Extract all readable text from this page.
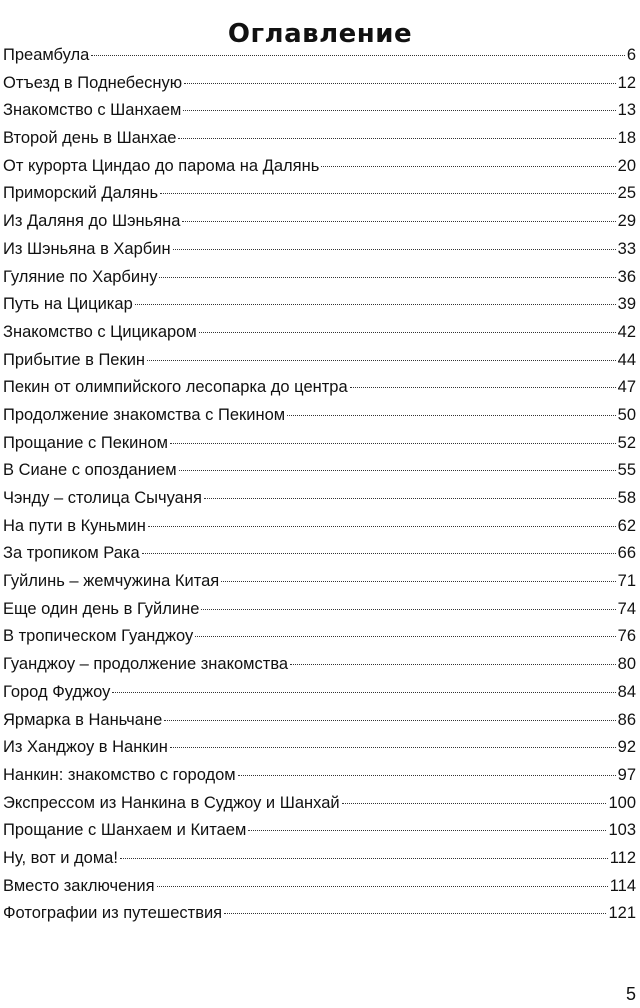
Оглавление
Преамбула	6
Отъезд в Поднебесную	12
Знакомство с Шанхаем	13
Второй день в Шанхае	18
От курорта Циндао до парома на Далянь	20
Приморский Далянь	25
Из Даляня до Шэньяна	29
Из Шэньяна в Харбин	33
Гуляние по Харбину	36
Путь на Цицикар	39
Знакомство с Цицикаром	42
Прибытие в Пекин	44
Пекин от олимпийского лесопарка до центра	47
Продолжение знакомства с Пекином	50
Прощание с Пекином	52
В Сиане с опозданием	55
Чэнду – столица Сычуаня	58
На пути в Куньмин	62
За тропиком Рака	66
Гуйлинь – жемчужина Китая	71
Еще один день в Гуйлине	74
В тропическом Гуанджоу	76
Гуанджоу – продолжение знакомства	80
Город Фуджоу	84
Ярмарка в Наньчане	86
Из Ханджоу в Нанкин	92
Нанкин: знакомство с городом	97
Экспрессом из Нанкина в Суджоу и Шанхай	100
Прощание с Шанхаем и Китаем	103
Ну, вот и дома!	112
Вместо заключения	114
Фотографии из путешествия	121
5
